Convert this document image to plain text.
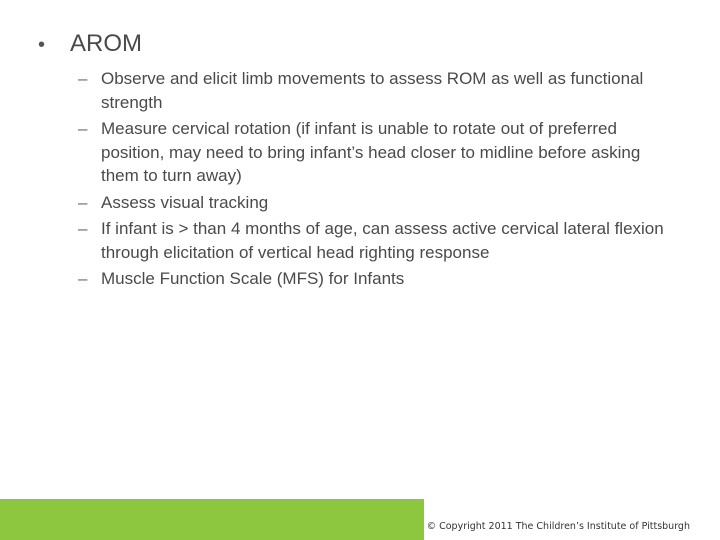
•	AROM
– Observe and elicit limb movements to assess ROM as well as functional strength
– Measure cervical rotation (if infant is unable to rotate out of preferred position, may need to bring infant’s head closer to midline before asking them to turn away)
– Assess visual tracking
– If infant is > than 4 months of age, can assess active cervical lateral flexion through elicitation of vertical head righting response
– Muscle Function Scale (MFS) for Infants
© Copyright 2011 The Children’s Institute of Pittsburgh
